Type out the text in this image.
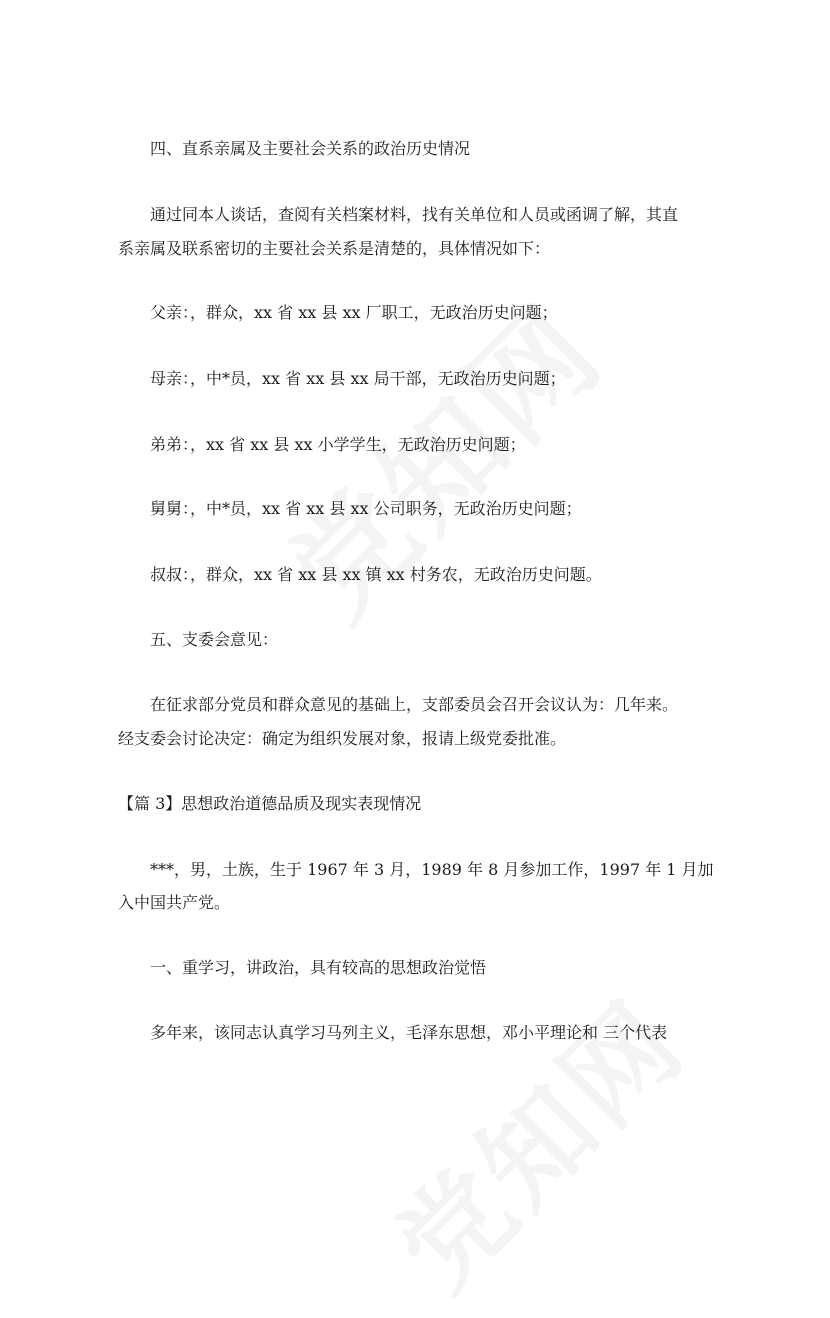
四、直系亲属及主要社会关系的政治历史情况
通过同本人谈话，查阅有关档案材料，找有关单位和人员或函调了解，其直
系亲属及联系密切的主要社会关系是清楚的，具体情况如下：
父亲：，群众，xx 省 xx 县 xx 厂职工，无政治历史问题；
母亲：，中*员，xx 省 xx 县 xx 局干部，无政治历史问题；
弟弟：，xx 省 xx 县 xx 小学学生，无政治历史问题；
舅舅：，中*员，xx 省 xx 县 xx 公司职务，无政治历史问题；
叔叔：，群众，xx 省 xx 县 xx 镇 xx 村务农，无政治历史问题。
五、支委会意见：
在征求部分党员和群众意见的基础上，支部委员会召开会议认为：几年来。
经支委会讨论决定：确定为组织发展对象，报请上级党委批准。
【篇 3】思想政治道德品质及现实表现情况
***，男，土族，生于 1967 年 3 月，1989 年 8 月参加工作，1997 年 1 月加
入中国共产党。
一、重学习，讲政治，具有较高的思想政治觉悟
多年来，该同志认真学习马列主义，毛泽东思想，邓小平理论和 三个代表
